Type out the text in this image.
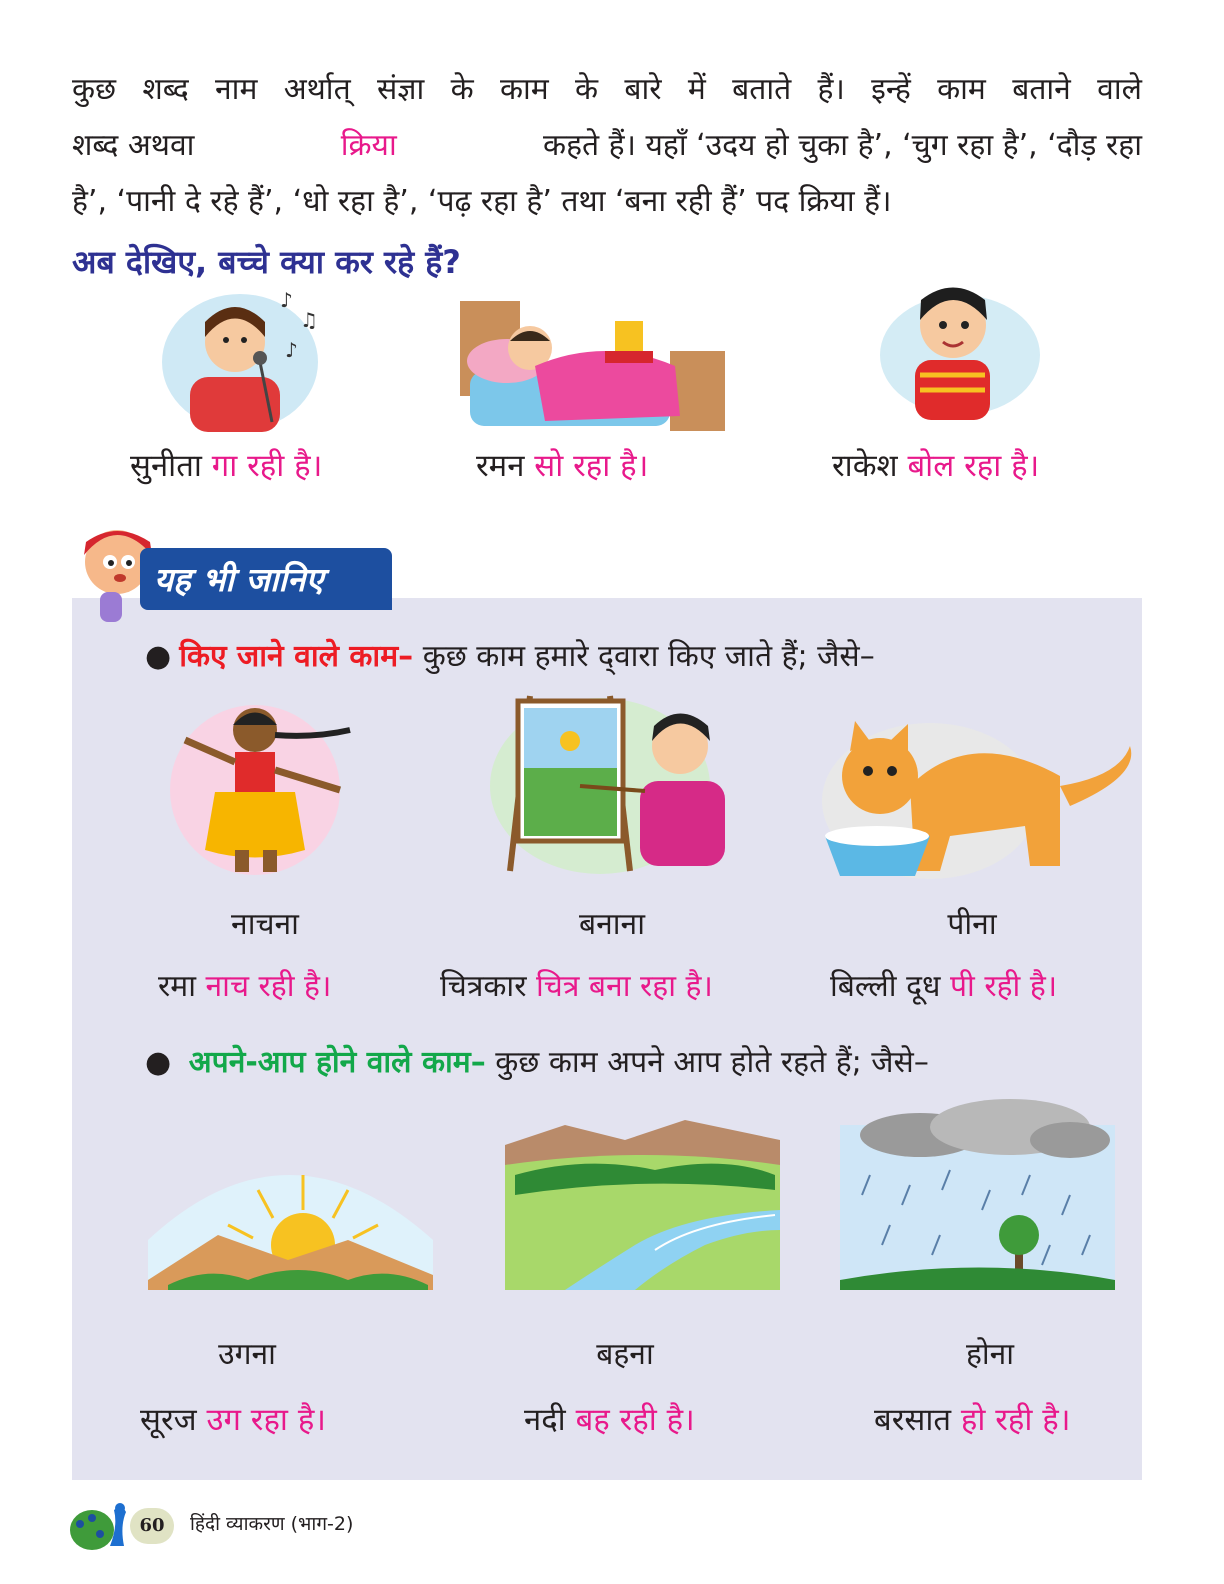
कुछ शब्द नाम अर्थात् संज्ञा के काम के बारे में बताते हैं। इन्हें काम बताने वाले
शब्द अथवा	क्रिया	कहते हैं। यहाँ ‘उदय हो चुका है’, ‘चुग रहा है’, ‘दौड़ रहा
है’, ‘पानी दे रहे हैं’, ‘धो रहा है’, ‘पढ़ रहा है’ तथा ‘बना रही हैं’ पद क्रिया हैं।
अब देखिए, बच्चे क्या कर रहे हैं?
♪
♫
♪
सुनीता गा रही है।	रमन सो रहा है।	राकेश बोल रहा है।
यह भी जानिए
● किए जाने वाले काम– कुछ काम हमारे द्‌वारा किए जाते हैं; जैसे–
नाचना	बनाना	पीना
रमा नाच रही है।	चित्रकार चित्र बना रहा है।	बिल्ली दूध पी रही है।
● अपने-आप होने वाले काम– कुछ काम अपने आप होते रहते हैं; जैसे–
उगना	बहना	होना
सूरज उग रहा है।	नदी बह रही है।	बरसात हो रही है।
60	हिंदी व्याकरण (भाग-2)
